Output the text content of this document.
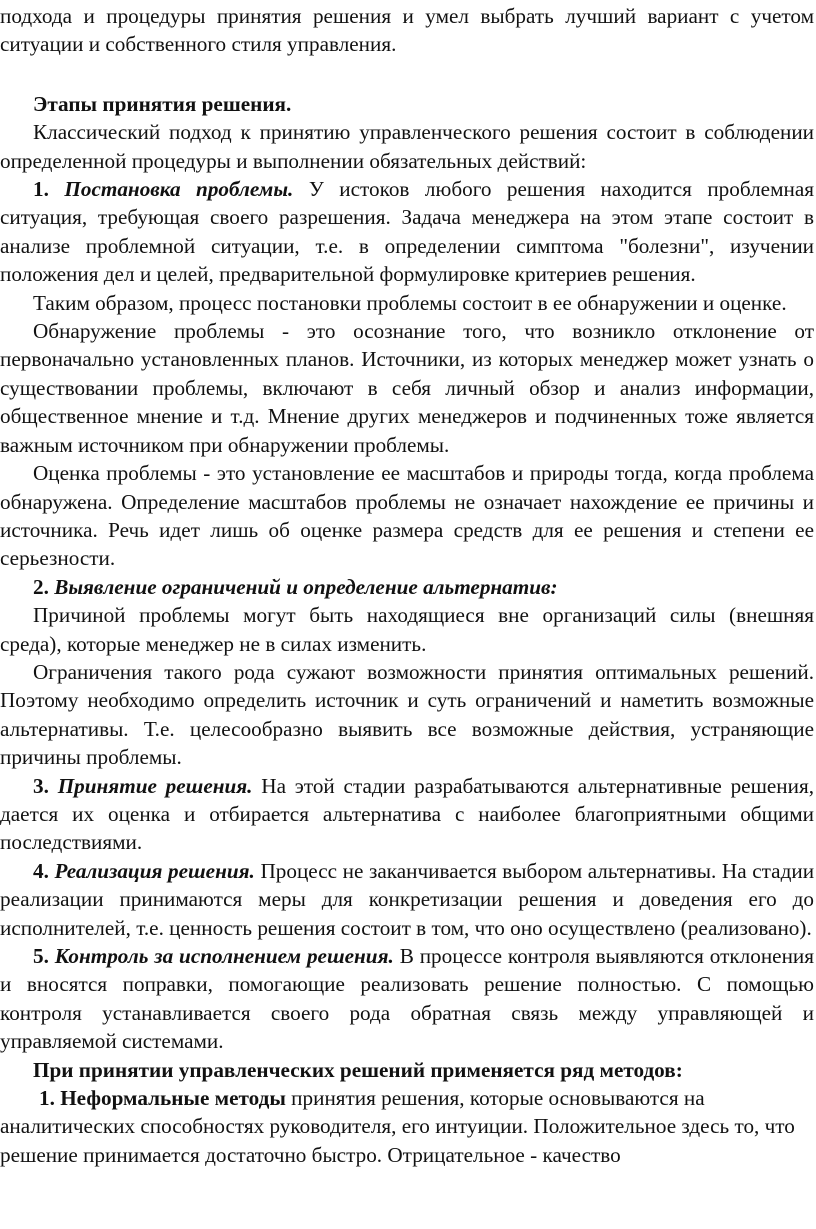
подхода и процедуры принятия решения и умел выбрать лучший вариант с учетом ситуации и собственного стиля управления.

Этапы принятия решения.

Классический подход к принятию управленческого решения состоит в соблюдении определенной процедуры и выполнении обязательных действий:

1. Постановка проблемы. У истоков любого решения находится проблемная ситуация, требующая своего разрешения. Задача менеджера на этом этапе состоит в анализе проблемной ситуации, т.е. в определении симптома "болезни", изучении положения дел и целей, предварительной формулировке критериев решения.

Таким образом, процесс постановки проблемы состоит в ее обнаружении и оценке.

Обнаружение проблемы - это осознание того, что возникло отклонение от первоначально установленных планов. Источники, из которых менеджер может узнать о существовании проблемы, включают в себя личный обзор и анализ информации, общественное мнение и т.д. Мнение других менеджеров и подчиненных тоже является важным источником при обнаружении проблемы.

Оценка проблемы - это установление ее масштабов и природы тогда, когда проблема обнаружена. Определение масштабов проблемы не означает нахождение ее причины и источника. Речь идет лишь об оценке размера средств для ее решения и степени ее серьезности.

2. Выявление ограничений и определение альтернатив:

Причиной проблемы могут быть находящиеся вне организаций силы (внешняя среда), которые менеджер не в силах изменить.

Ограничения такого рода сужают возможности принятия оптимальных решений. Поэтому необходимо определить источник и суть ограничений и наметить возможные альтернативы. Т.е. целесообразно выявить все возможные действия, устраняющие причины проблемы.

3. Принятие решения. На этой стадии разрабатываются альтернативные решения, дается их оценка и отбирается альтернатива с наиболее благоприятными общими последствиями.

4. Реализация решения. Процесс не заканчивается выбором альтернативы. На стадии реализации принимаются меры для конкретизации решения и доведения его до исполнителей, т.е. ценность решения состоит в том, что оно осуществлено (реализовано).

5. Контроль за исполнением решения. В процессе контроля выявляются отклонения и вносятся поправки, помогающие реализовать решение полностью. С помощью контроля устанавливается своего рода обратная связь между управляющей и управляемой системами.

При принятии управленческих решений применяется ряд методов:

1. Неформальные методы принятия решения, которые основываются на аналитических способностях руководителя, его интуиции. Положительное здесь то, что решение принимается достаточно быстро. Отрицательное - качество
